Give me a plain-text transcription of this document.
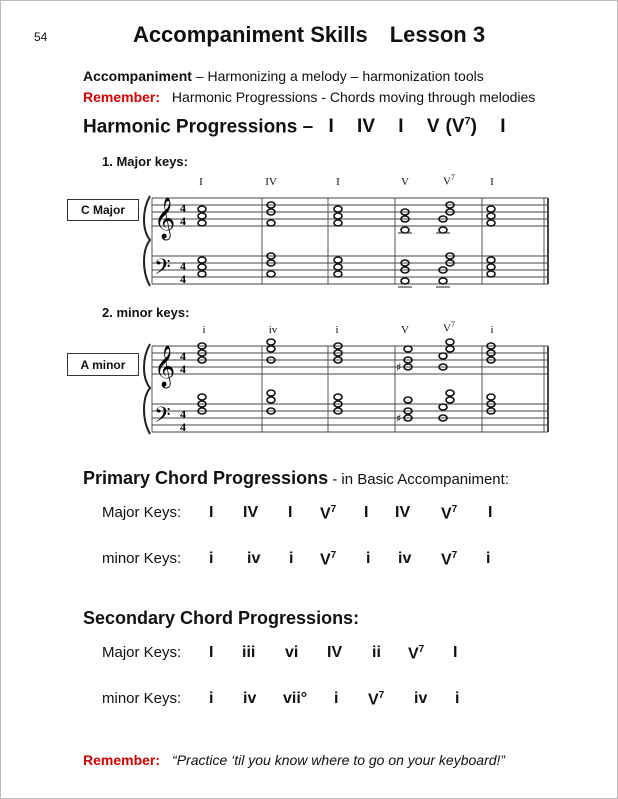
54	Accompaniment Skills Lesson 3
Accompaniment – Harmonizing a melody – harmonization tools
Remember: Harmonic Progressions - Chords moving through melodies
Harmonic Progressions – I IV I V $(V^7)$ I
1. Major keys:
I	IV	I	V	$V^7$	I
C Major 𝄞
𝄢
4
4
4
4
2. minor keys:
i	iv	i	V	$V^7$	i
A minor 𝄞
𝄢
4
4
4
4
♯
♯
Primary Chord Progressions - in Basic Accompaniment:
Major Keys: I IV I $V^7$ I IV $V^7$ I
minor Keys: i iv i $V^7$ i iv $V^7$ i
Secondary Chord Progressions:
Major Keys: I iii vi IV ii $V^7$ I
minor Keys: i iv vii° i $V^7$ iv i
Remember: “Practice ‘til you know where to go on your keyboard!”
